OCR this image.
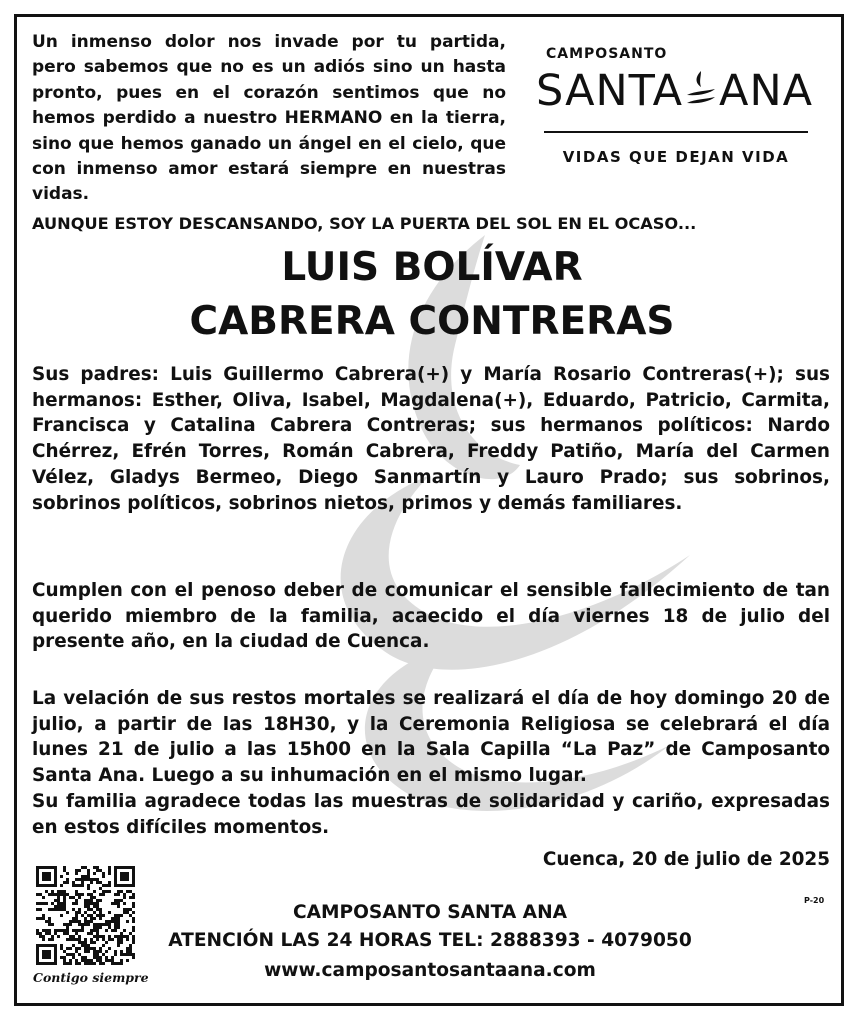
Un inmenso dolor nos invade por tu partida, pero sabemos que no es un adiós sino un hasta pronto, pues en el corazón sentimos que no hemos perdido a nuestro HERMANO en la tierra, sino que hemos ganado un ángel en el cielo, que con inmenso amor estará siempre en nuestras vidas.
CAMPOSANTO
SANTA ANA
VIDAS QUE DEJAN VIDA
AUNQUE ESTOY DESCANSANDO, SOY LA PUERTA DEL SOL EN EL OCASO...
LUIS BOLÍVAR
CABRERA CONTRERAS
Sus padres: Luis Guillermo Cabrera(+) y María Rosario Contreras(+); sus hermanos: Esther, Oliva, Isabel, Magdalena(+), Eduardo, Patricio, Carmita, Francisca y Catalina Cabrera Contreras; sus hermanos políticos: Nardo Chérrez, Efrén Torres, Román Cabrera, Freddy Patiño, María del Carmen Vélez, Gladys Bermeo, Diego Sanmartín y Lauro Prado; sus sobrinos, sobrinos políticos, sobrinos nietos, primos y demás familiares.
Cumplen con el penoso deber de comunicar el sensible fallecimiento de tan querido miembro de la familia, acaecido el día viernes 18 de julio del presente año, en la ciudad de Cuenca.
La velación de sus restos mortales se realizará el día de hoy domingo 20 de julio, a partir de las 18H30, y la Ceremonia Religiosa se celebrará el día lunes 21 de julio a las 15h00 en la Sala Capilla “La Paz” de Camposanto Santa Ana. Luego a su inhumación en el mismo lugar.
Su familia agradece todas las muestras de solidaridad y cariño, expresadas en estos difíciles momentos.
Cuenca, 20 de julio de 2025
P-20
Contigo siempre
CAMPOSANTO SANTA ANA
ATENCIÓN LAS 24 HORAS TEL: 2888393 - 4079050
www.camposantosantaana.com
